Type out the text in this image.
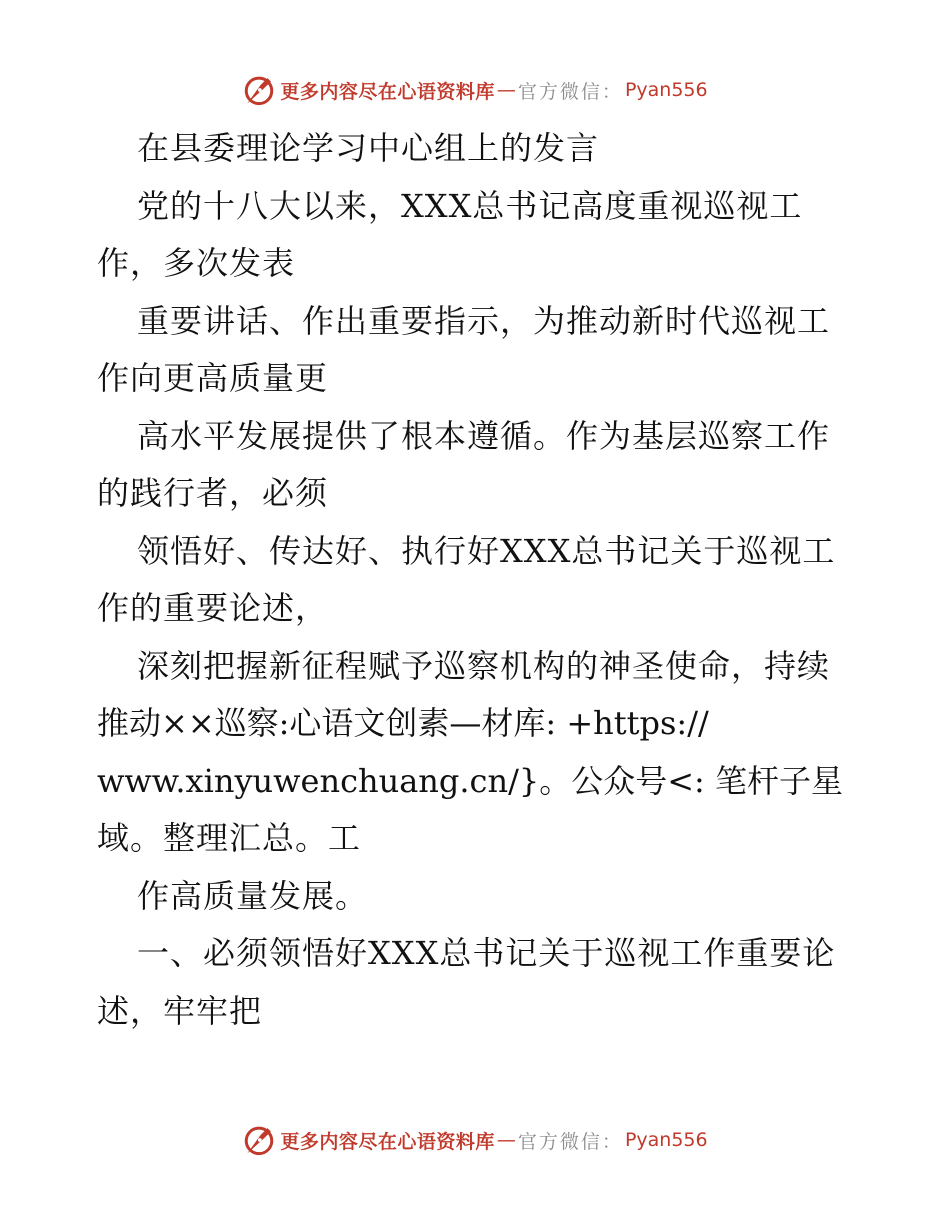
更多内容尽在心语资料库 — 官方微信： Pyan556
在县委理论学习中心组上的发言
党的十八大以来，XXX总书记高度重视巡视工
作，多次发表
重要讲话、作出重要指示，为推动新时代巡视工
作向更高质量更
高水平发展提供了根本遵循。作为基层巡察工作
的践行者，必须
领悟好、传达好、执行好XXX总书记关于巡视工
作的重要论述，
深刻把握新征程赋予巡察机构的神圣使命，持续
推动××巡察:心语文创素—材库: +https://
www.xinyuwenchuang.cn/}。公众号<: 笔杆子星
域。整理汇总。工
作高质量发展。
一、必须领悟好XXX总书记关于巡视工作重要论
述，牢牢把
更多内容尽在心语资料库 — 官方微信： Pyan556
